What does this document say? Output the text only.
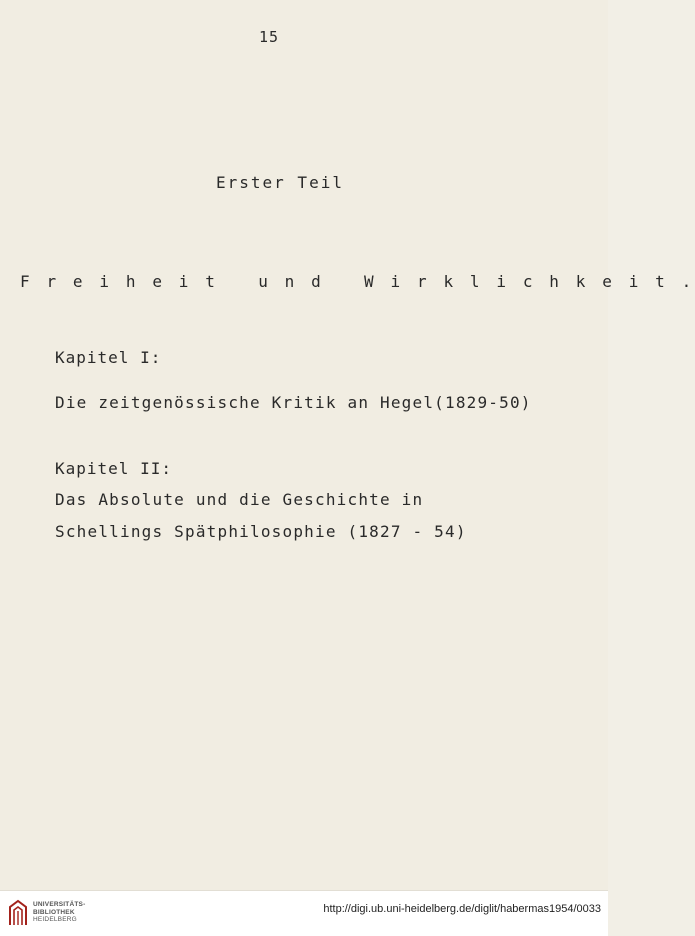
15
Erster Teil
F r e i h e i t   u n d   W i r k l i c h k e i t .
Kapitel I:
Die zeitgenössische Kritik an Hegel(1829-50)
Kapitel II:
Das Absolute und die Geschichte in
Schellings Spätphilosophie (1827 - 54)
UNIVERSITÄTS-
BIBLIOTHEK
HEIDELBERG
http://digi.ub.uni-heidelberg.de/diglit/habermas1954/0033
